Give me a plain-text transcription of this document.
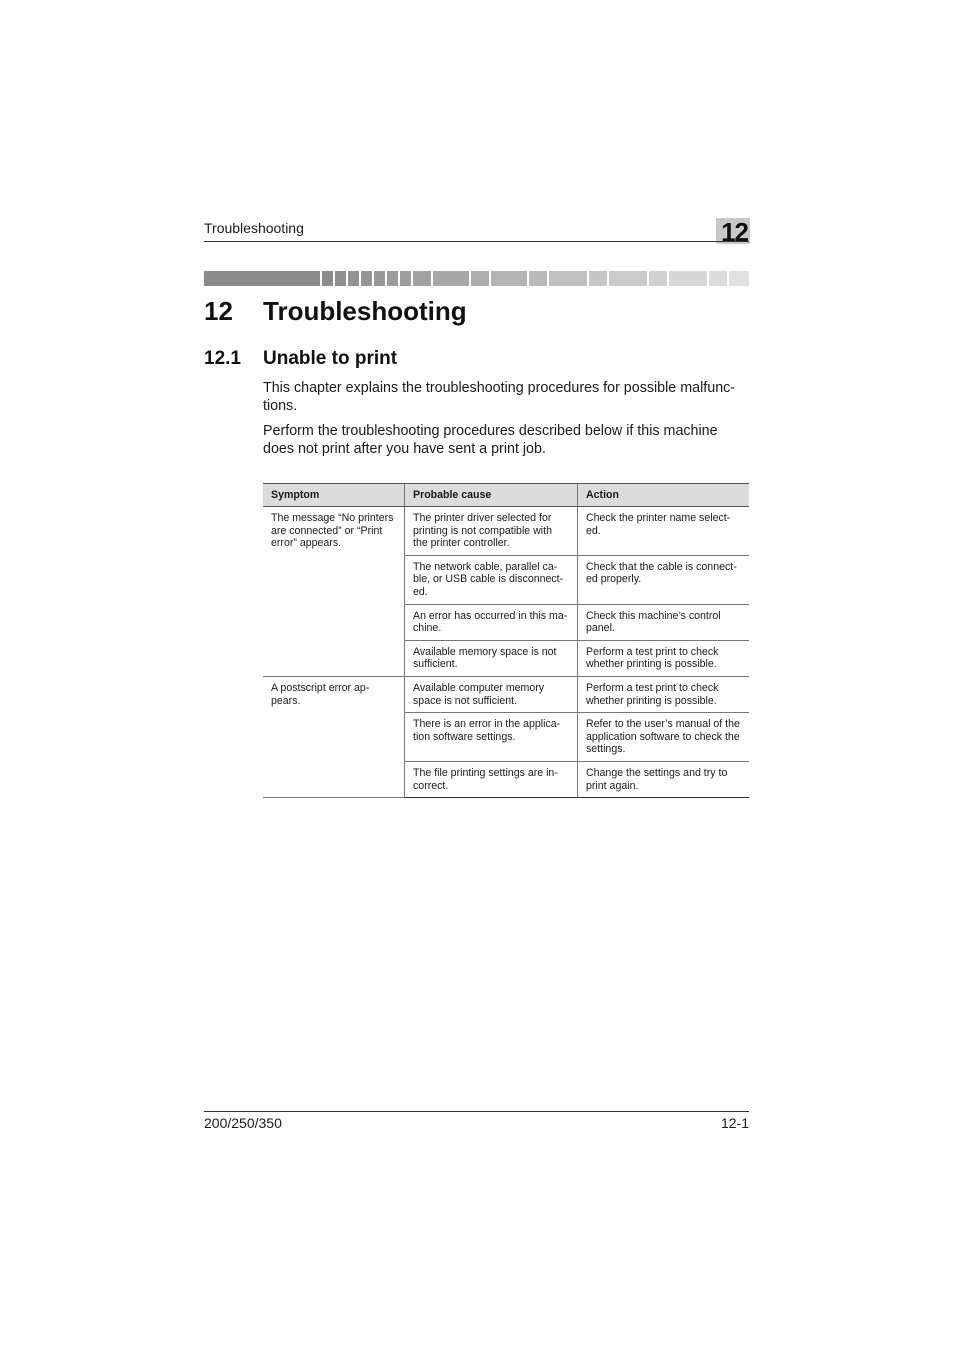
Troubleshooting	12
12 Troubleshooting
12.1 Unable to print
This chapter explains the troubleshooting procedures for possible malfunc-tions.
Perform the troubleshooting procedures described below if this machine does not print after you have sent a print job.
Symptom	Probable cause	Action
The message “No printers are connected” or “Print error” appears.	The printer driver selected for printing is not compatible with the printer controller.	Check the printer name select-ed.
	The network cable, parallel ca-ble, or USB cable is disconnect-ed.	Check that the cable is connect-ed properly.
	An error has occurred in this ma-chine.	Check this machine’s control panel.
	Available memory space is not sufficient.	Perform a test print to check whether printing is possible.
A postscript error ap-pears.	Available computer memory space is not sufficient.	Perform a test print to check whether printing is possible.
	There is an error in the applica-tion software settings.	Refer to the user’s manual of the application software to check the settings.
	The file printing settings are in-correct.	Change the settings and try to print again.
200/250/350	12-1
